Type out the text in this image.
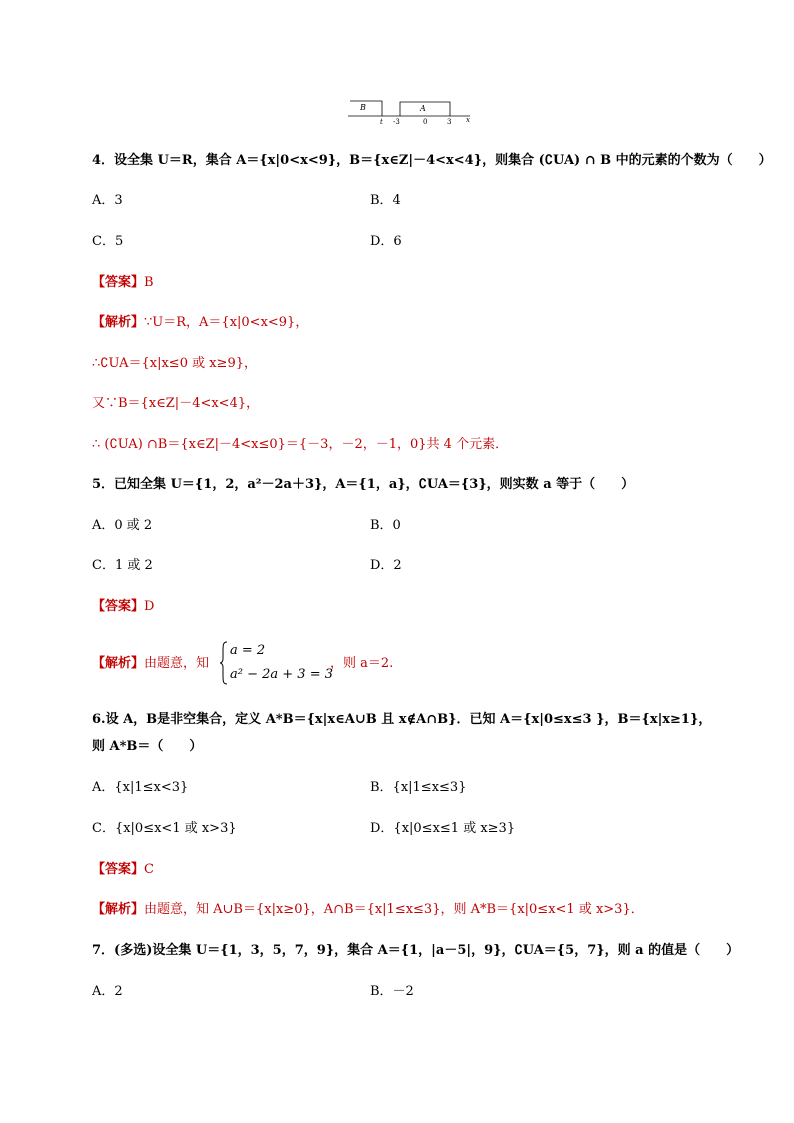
B	A
t -3	0	3 x
4．设全集 U＝R，集合 A＝{x|0<x<9}，B＝{x∈Z|－4<x<4}，则集合 (∁UA) ∩ B 中的元素的个数为（　　）
A．3	B．4
C．5	D．6
【答案】B
【解析】∵U＝R，A＝{x|0<x<9}，
∴∁UA＝{x|x≤0 或 x≥9}，
又∵B＝{x∈Z|－4<x<4}，
∴ (∁UA) ∩B＝{x∈Z|－4<x≤0}＝{－3，－2，－1，0}共 4 个元素．
5．已知全集 U＝{1，2，a²－2a＋3}，A＝{1，a}，∁UA＝{3}，则实数 a 等于（　　）
A．0 或 2	B．0
C．1 或 2	D．2
【答案】D
【解析】由题意，知
a = 2
a² − 2a + 3 = 3
，则 a＝2.
6.设 A，B是非空集合，定义 A*B＝{x|x∈A∪B 且 x∉A∩B}．已知 A＝{x|0≤x≤3 }，B＝{x|x≥1}，
则 A*B＝（　　）
A．{x|1≤x<3}	B．{x|1≤x≤3}
C．{x|0≤x<1 或 x>3}	D．{x|0≤x≤1 或 x≥3}
【答案】C
【解析】由题意，知 A∪B＝{x|x≥0}，A∩B＝{x|1≤x≤3}，则 A*B＝{x|0≤x<1 或 x>3}．
7．(多选)设全集 U＝{1，3，5，7，9}，集合 A＝{1，|a－5|，9}，∁UA＝{5，7}，则 a 的值是（　　）
A．2	B．－2
